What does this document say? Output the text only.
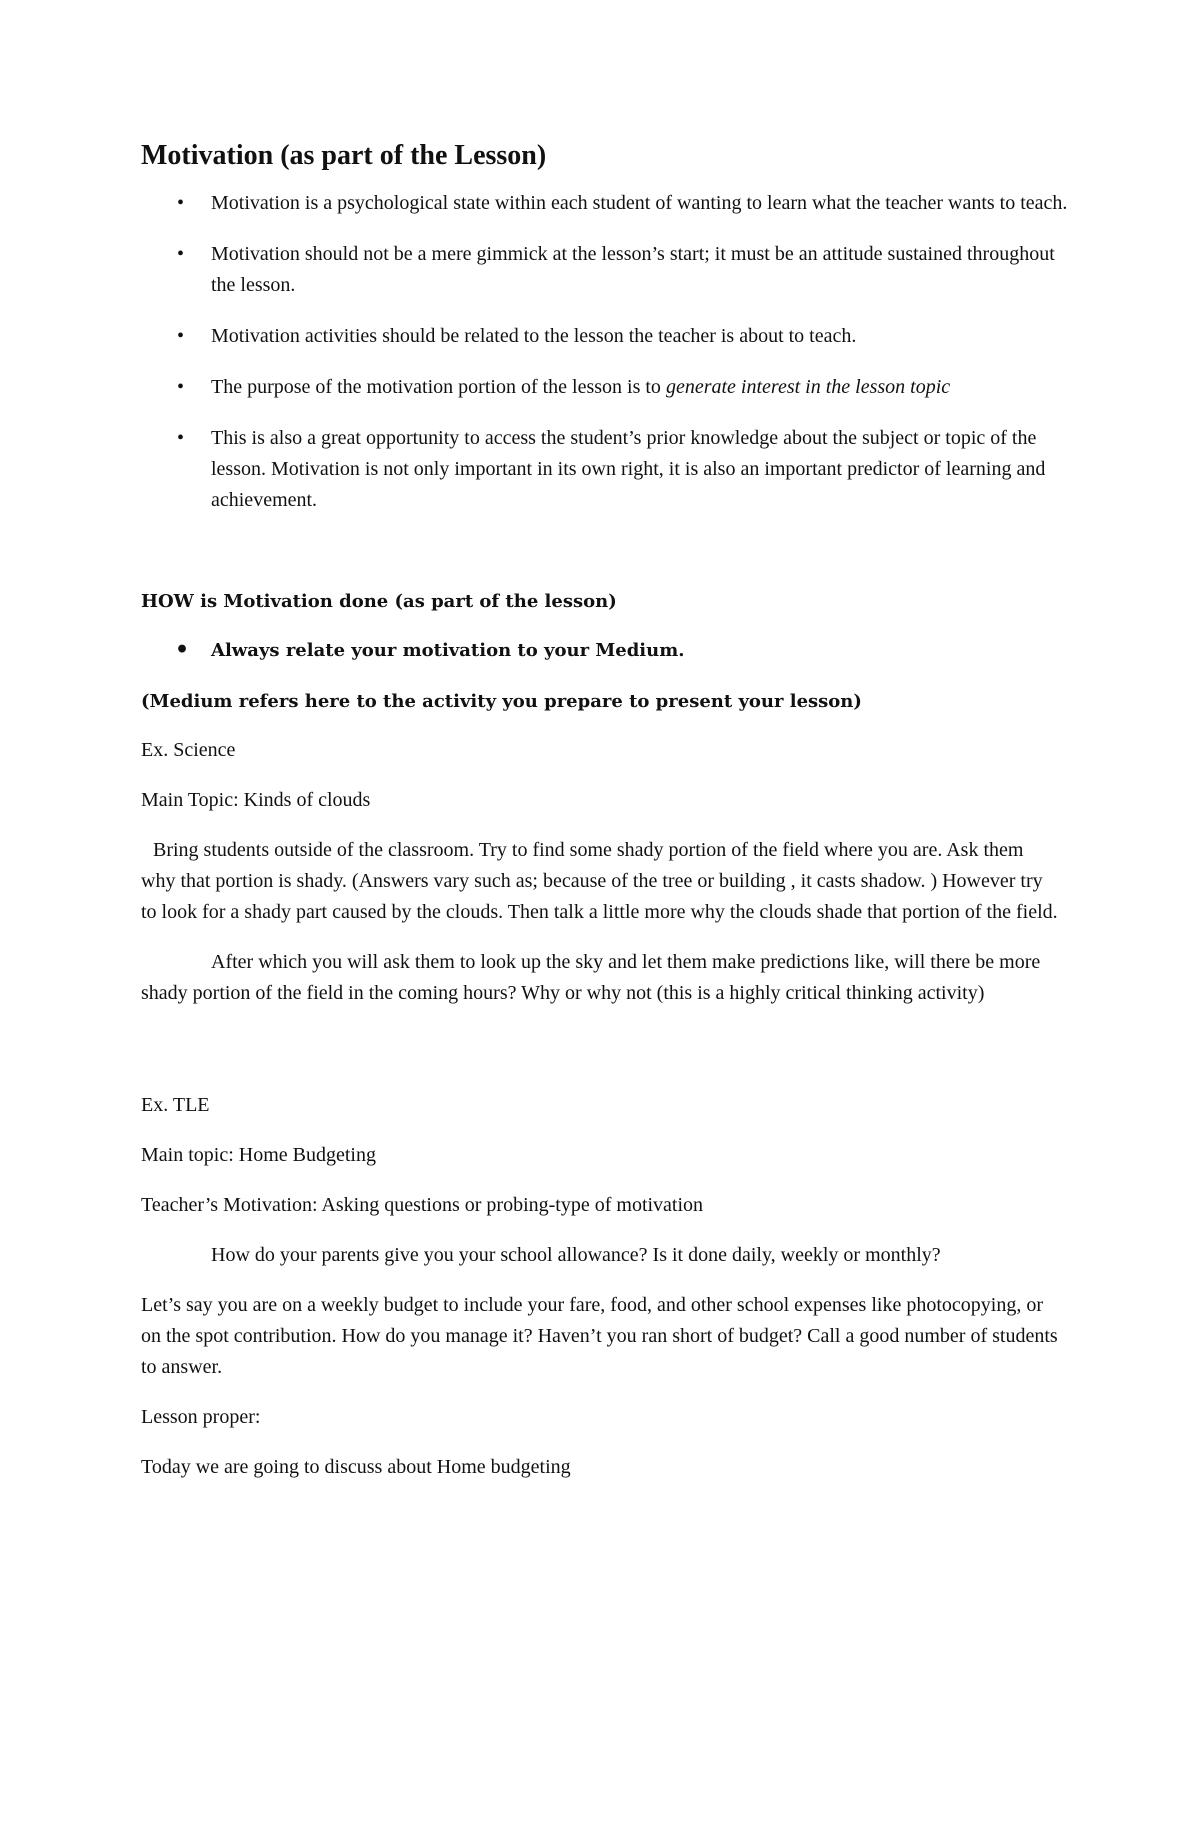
Motivation (as part of the Lesson)
• Motivation is a psychological state within each student of wanting to learn what the teacher wants to teach.
• Motivation should not be a mere gimmick at the lesson’s start; it must be an attitude sustained throughout the lesson.
• Motivation activities should be related to the lesson the teacher is about to teach.
• The purpose of the motivation portion of the lesson is to generate interest in the lesson topic
• This is also a great opportunity to access the student’s prior knowledge about the subject or topic of the lesson. Motivation is not only important in its own right, it is also an important predictor of learning and achievement.
HOW is Motivation done (as part of the lesson)
• Always relate your motivation to your Medium.
(Medium refers here to the activity you prepare to present your lesson)

Ex. Science

Main Topic: Kinds of clouds

Bring students outside of the classroom. Try to find some shady portion of the field where you are. Ask them why that portion is shady. (Answers vary such as; because of the tree or building , it casts shadow. ) However try to look for a shady part caused by the clouds. Then talk a little more why the clouds shade that portion of the field.

After which you will ask them to look up the sky and let them make predictions like, will there be more shady portion of the field in the coming hours? Why or why not (this is a highly critical thinking activity)

Ex. TLE

Main topic: Home Budgeting

Teacher’s Motivation: Asking questions or probing-type of motivation

How do your parents give you your school allowance? Is it done daily, weekly or monthly?

Let’s say you are on a weekly budget to include your fare, food, and other school expenses like photocopying, or on the spot contribution. How do you manage it? Haven’t you ran short of budget? Call a good number of students to answer.

Lesson proper:

Today we are going to discuss about Home budgeting
